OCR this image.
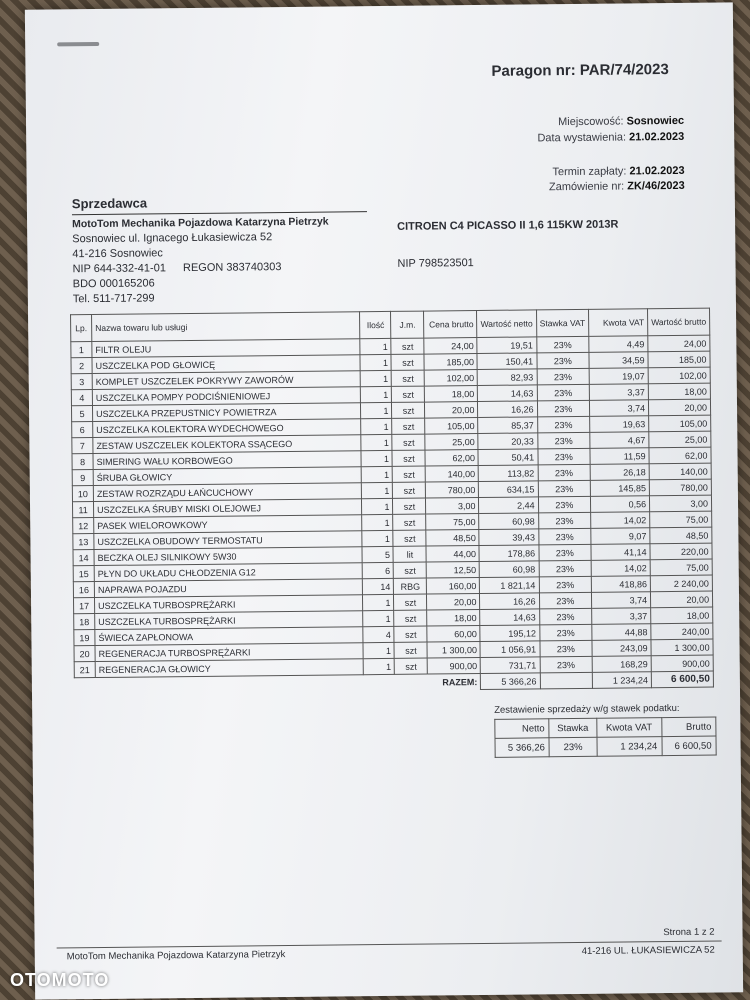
Paragon nr: PAR/74/2023
Miejscowość: Sosnowiec
Data wystawienia: 21.02.2023
Termin zapłaty: 21.02.2023
Zamówienie nr: ZK/46/2023
Sprzedawca
MotoTom Mechanika Pojazdowa Katarzyna Pietrzyk
Sosnowiec ul. Ignacego Łukasiewicza 52
41-216 Sosnowiec
NIP 644-332-41-01 REGON 383740303
BDO 000165206
Tel. 511-717-299
CITROEN C4 PICASSO II 1,6 115KW 2013R
NIP 798523501
Lp.	Nazwa towaru lub usługi	Ilość	J.m.	Cena brutto	Wartość netto	Stawka VAT	Kwota VAT	Wartość brutto
1	FILTR OLEJU	1	szt	24,00	19,51	23%	4,49	24,00
2	USZCZELKA POD GŁOWICĘ	1	szt	185,00	150,41	23%	34,59	185,00
3	KOMPLET USZCZELEK POKRYWY ZAWORÓW	1	szt	102,00	82,93	23%	19,07	102,00
4	USZCZELKA POMPY PODCIŚNIENIOWEJ	1	szt	18,00	14,63	23%	3,37	18,00
5	USZCZELKA PRZEPUSTNICY POWIETRZA	1	szt	20,00	16,26	23%	3,74	20,00
6	USZCZELKA KOLEKTORA WYDECHOWEGO	1	szt	105,00	85,37	23%	19,63	105,00
7	ZESTAW USZCZELEK KOLEKTORA SSĄCEGO	1	szt	25,00	20,33	23%	4,67	25,00
8	SIMERING WAŁU KORBOWEGO	1	szt	62,00	50,41	23%	11,59	62,00
9	ŚRUBA GŁOWICY	1	szt	140,00	113,82	23%	26,18	140,00
10	ZESTAW ROZRZĄDU ŁAŃCUCHOWY	1	szt	780,00	634,15	23%	145,85	780,00
11	USZCZELKA ŚRUBY MISKI OLEJOWEJ	1	szt	3,00	2,44	23%	0,56	3,00
12	PASEK WIELOROWKOWY	1	szt	75,00	60,98	23%	14,02	75,00
13	USZCZELKA OBUDOWY TERMOSTATU	1	szt	48,50	39,43	23%	9,07	48,50
14	BECZKA OLEJ SILNIKOWY 5W30	5	lit	44,00	178,86	23%	41,14	220,00
15	PŁYN DO UKŁADU CHŁODZENIA G12	6	szt	12,50	60,98	23%	14,02	75,00
16	NAPRAWA POJAZDU	14	RBG	160,00	1 821,14	23%	418,86	2 240,00
17	USZCZELKA TURBOSPRĘŻARKI	1	szt	20,00	16,26	23%	3,74	20,00
18	USZCZELKA TURBOSPRĘŻARKI	1	szt	18,00	14,63	23%	3,37	18,00
19	ŚWIECA ZAPŁONOWA	4	szt	60,00	195,12	23%	44,88	240,00
20	REGENERACJA TURBOSPRĘŻARKI	1	szt	1 300,00	1 056,91	23%	243,09	1 300,00
21	REGENERACJA GŁOWICY	1	szt	900,00	731,71	23%	168,29	900,00
RAZEM:					5 366,26		1 234,24	6 600,50
Zestawienie sprzedaży w/g stawek podatku:
Netto	Stawka	Kwota VAT	Brutto
5 366,26	23%	1 234,24	6 600,50
Strona 1 z 2
MotoTom Mechanika Pojazdowa Katarzyna Pietrzyk	41-216 UL. ŁUKASIEWICZA 52
OTOMOTO
